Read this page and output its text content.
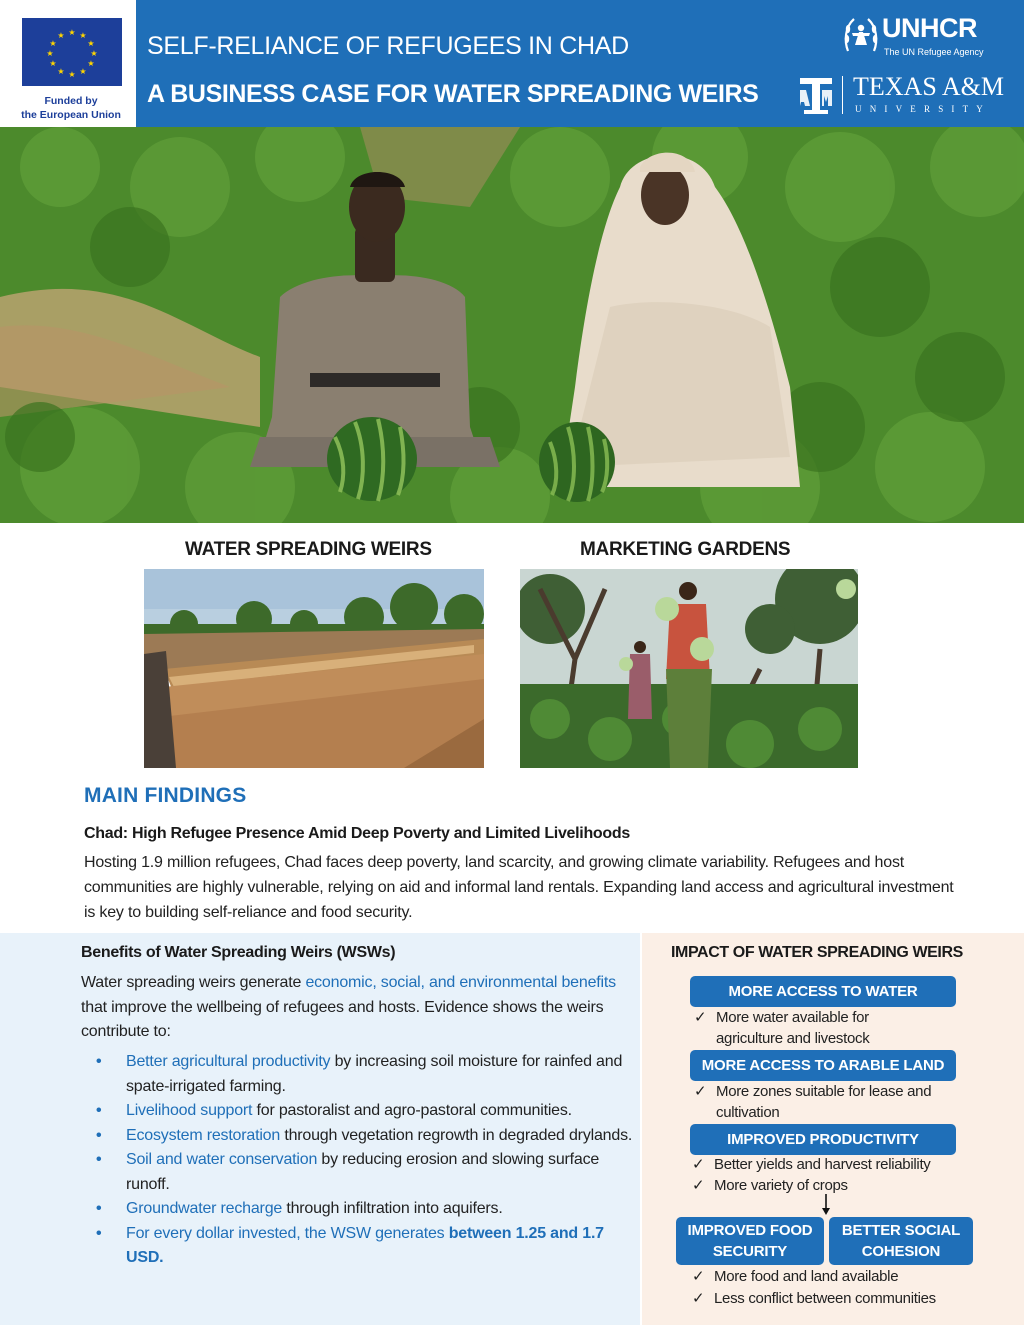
★ ★
★
★
★
★
★
★
★
★
★
★
Funded by
the European Union
SELF-RELIANCE OF REFUGEES IN CHAD
A BUSINESS CASE FOR WATER SPREADING WEIRS
UNHCR
The UN Refugee Agency
TEXAS A&M
UNIVERSITY
WATER SPREADING WEIRS	MARKETING GARDENS
MAIN FINDINGS
Chad: High Refugee Presence Amid Deep Poverty and Limited Livelihoods
Hosting 1.9 million refugees, Chad faces deep poverty, land scarcity, and growing climate variability. Refugees and host communities are highly vulnerable, relying on aid and informal land rentals. Expanding land access and agricultural investment is key to building self-reliance and food security.
Benefits of Water Spreading Weirs (WSWs)
Water spreading weirs generate economic, social, and environmental benefits that improve the wellbeing of refugees and hosts. Evidence shows the weirs contribute to:
• Better agricultural productivity by increasing soil moisture for rainfed and spate-irrigated farming.
• Livelihood support for pastoralist and agro-pastoral communities.
• Ecosystem restoration through vegetation regrowth in degraded drylands.
• Soil and water conservation by reducing erosion and slowing surface runoff.
• Groundwater recharge through infiltration into aquifers.
• For every dollar invested, the WSW generates between 1.25 and 1.7 USD.
IMPACT OF WATER SPREADING WEIRS
MORE ACCESS TO WATER
✓ More water available for agriculture and livestock
MORE ACCESS TO ARABLE LAND
✓ More zones suitable for lease and cultivation
IMPROVED PRODUCTIVITY
✓ Better yields and harvest reliability
✓ More variety of crops
IMPROVED FOOD SECURITY
BETTER SOCIAL COHESION
✓ More food and land available
✓ Less conflict between communities
